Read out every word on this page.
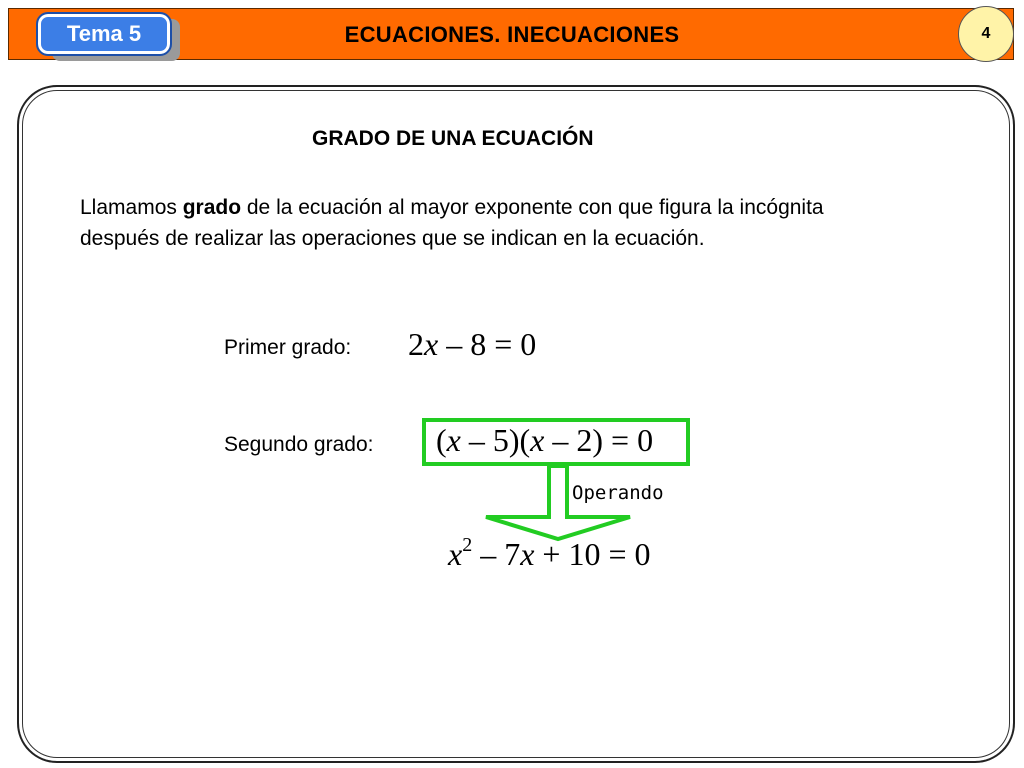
ECUACIONES. INECUACIONES
Tema 5	4
GRADO DE UNA ECUACIÓN
Llamamos grado de la ecuación al mayor exponente con que figura la incógnita después de realizar las operaciones que se indican en la ecuación.
Primer grado: 2x – 8 = 0
Segundo grado: (x – 5)(x – 2) = 0
Operando
$x^2 - 7x + 10 = 0$
